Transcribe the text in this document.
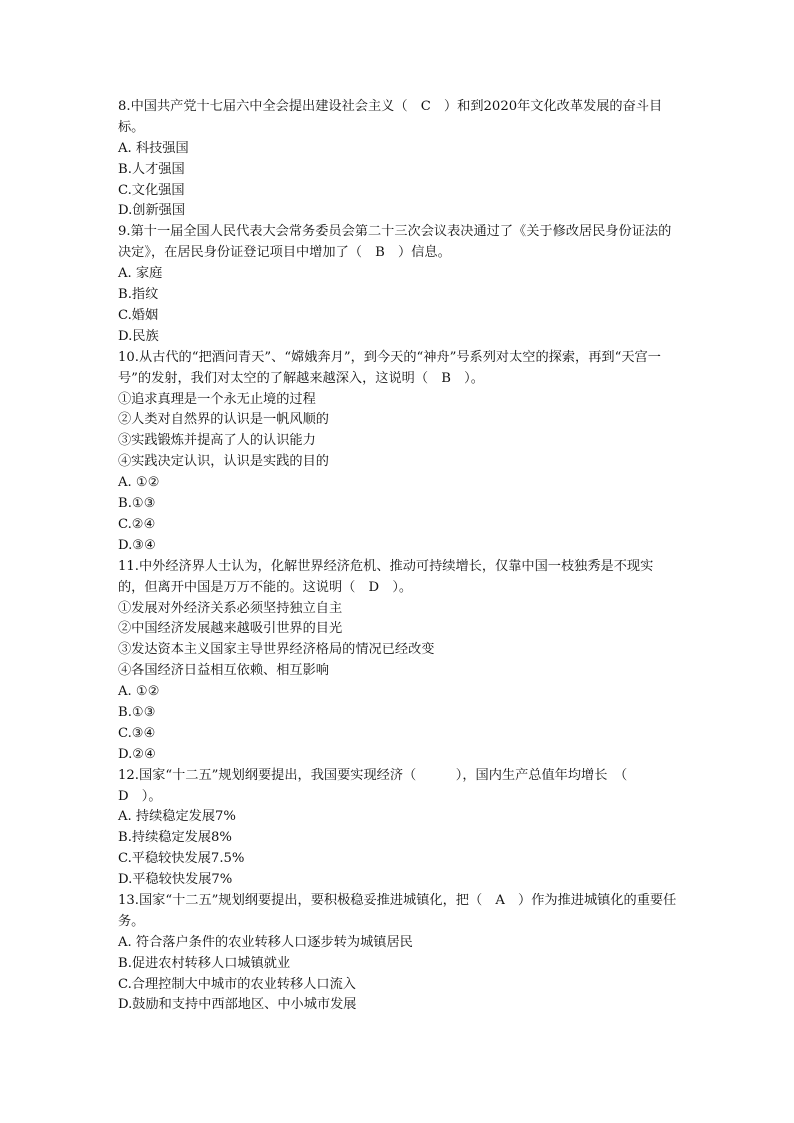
8.中国共产党十七届六中全会提出建设社会主义（　C　）和到2020年文化改革发展的奋斗目标。
A. 科技强国
B.人才强国
C.文化强国
D.创新强国
9.第十一届全国人民代表大会常务委员会第二十三次会议表决通过了《关于修改居民身份证法的决定》，在居民身份证登记项目中增加了（　B　）信息。
A. 家庭
B.指纹
C.婚姻
D.民族
10.从古代的“把酒问青天”、“嫦娥奔月”，到今天的“神舟”号系列对太空的探索，再到“天宫一号”的发射，我们对太空的了解越来越深入，这说明（　B　）。
①追求真理是一个永无止境的过程
②人类对自然界的认识是一帆风顺的
③实践锻炼并提高了人的认识能力
④实践决定认识，认识是实践的目的
A. ①②
B.①③
C.②④
D.③④
11.中外经济界人士认为，化解世界经济危机、推动可持续增长，仅靠中国一枝独秀是不现实的，但离开中国是万万不能的。这说明（　D　）。
①发展对外经济关系必须坚持独立自主
②中国经济发展越来越吸引世界的目光
③发达资本主义国家主导世界经济格局的情况已经改变
④各国经济日益相互依赖、相互影响
A. ①②
B.①③
C.③④
D.②④
12.国家“十二五”规划纲要提出，我国要实现经济（　　　），国内生产总值年均增长　（　D　）。
A. 持续稳定发展7%
B.持续稳定发展8%
C.平稳较快发展7.5%
D.平稳较快发展7%
13.国家“十二五”规划纲要提出，要积极稳妥推进城镇化，把（　A　）作为推进城镇化的重要任务。
A. 符合落户条件的农业转移人口逐步转为城镇居民
B.促进农村转移人口城镇就业
C.合理控制大中城市的农业转移人口流入
D.鼓励和支持中西部地区、中小城市发展
